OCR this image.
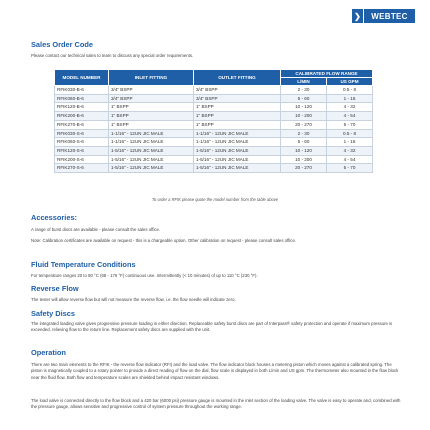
❯	WEBTEC
Sales Order Code
Please contact our technical sales to team to discuss any special order requirements.
MODEL NUMBER	INLET FITTING	OUTLET FITTING	CALIBRATED FLOW RANGE	
			L/MIN	US GPM
RFIK030-B-6	3/4" BSPP	3/4" BSPP	2 - 30	0.5 - 8
RFIK060-B-6	3/4" BSPP	3/4" BSPP	5 - 60	1 - 16
RFIK120-B-6	1" BSPP	1" BSPP	10 - 120	4 - 32
RFIK200-B-6	1" BSPP	1" BSPP	10 - 200	4 - 54
RFIK270-B-6	1" BSPP	1" BSPP	20 - 270	5 - 70
RFIK030-S-6	1-1/16" - 12UN JIC MALE	1-1/16" - 12UN JIC MALE	2 - 30	0.5 - 8
RFIK060-S-6	1-1/16" - 12UN JIC MALE	1-1/16" - 12UN JIC MALE	5 - 60	1 - 16
RFIK120-S-6	1-5/16" - 12UN JIC MALE	1-5/16" - 12UN JIC MALE	10 - 120	4 - 32
RFIK200-S-6	1-5/16" - 12UN JIC MALE	1-5/16" - 12UN JIC MALE	10 - 200	4 - 54
RFIK270-S-6	1-5/16" - 12UN JIC MALE	1-5/16" - 12UN JIC MALE	20 - 270	5 - 70
To order a RFIK please quote the model number from the table above
Accessories:
A range of burst discs are available - please consult the sales office.
Note: Calibration certificates are available on request - this is a chargeable option. Other calibration on request - please consult sales office.
Fluid Temperature Conditions
For temperature ranges 20 to 80 °C (68 - 176 °F) continuous use. Intermittently (< 10 minutes) of up to 110 °C (230 °F).
Reverse Flow
The tester will allow reverse flow but will not measure the reverse flow, i.e. the flow needle will indicate zero.
Safety Discs
The integrated loading valve gives progressive pressure loading in either direction. Replaceable safety burst discs are part of Interpass® safety protection and operate if maximum pressure is exceeded, relieving flow to the return line. Replacement safety discs are supplied with the unit.
Operation
There are two main elements to the RFIK - the reverse flow indicator (RFI) and the load valve. The flow indicator block houses a metering piston which moves against a calibrated spring. The piston is magnetically coupled to a rotary pointer to provide a direct reading of flow on the dial, flow scale is displayed in both L/min and US gpm. The thermometer also mounted in the flow block near the fluid flow. Both flow and temperature scales are shielded behind impact resistant windows.
The load valve is connected directly to the flow block and a 420 bar (6000 psi) pressure gauge is mounted in the inlet section of the loading valve. The valve is easy to operate and, combined with the pressure gauge, allows sensitive and progressive control of system pressure throughout the working range.
